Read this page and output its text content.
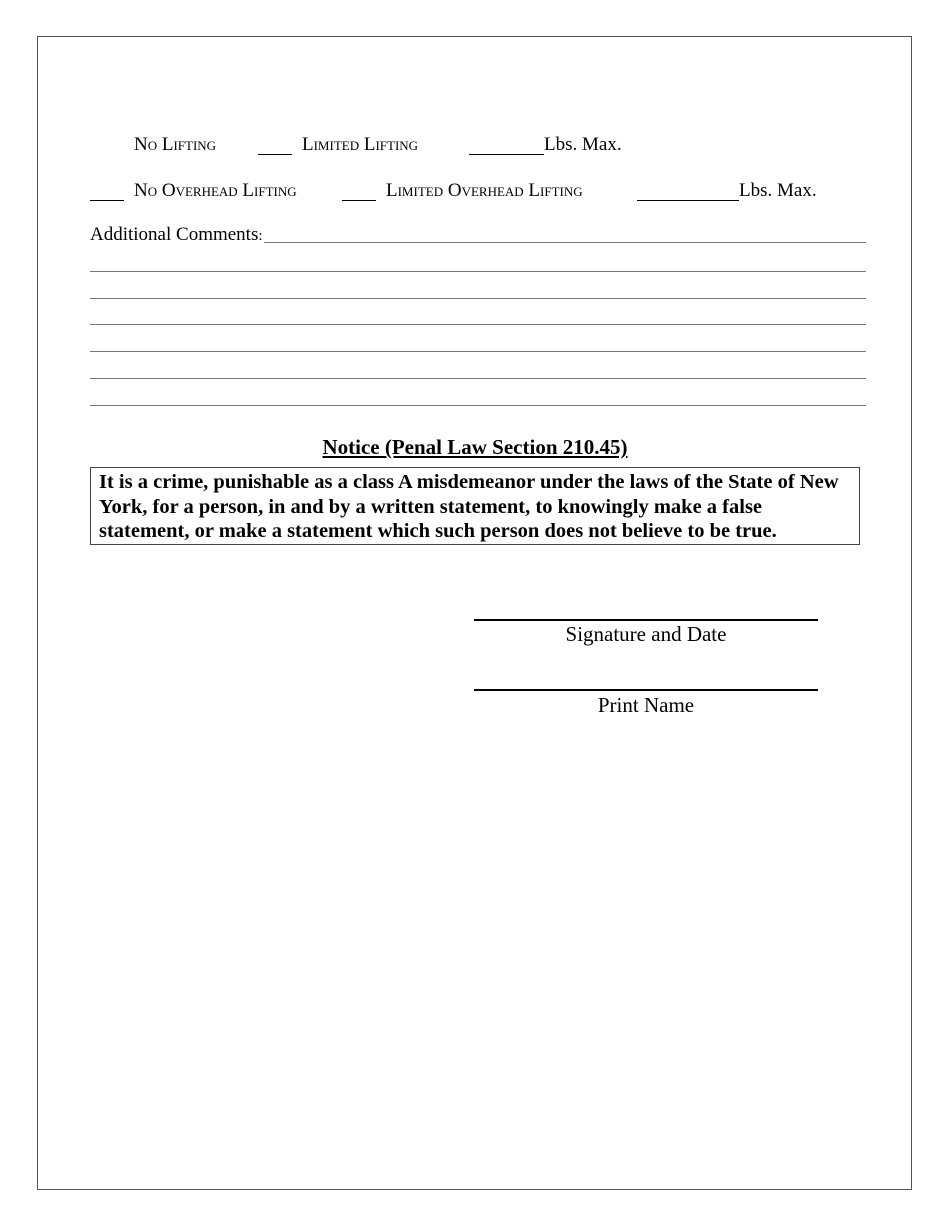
No Lifting	Limited Lifting	Lbs. Max.
No Overhead Lifting	Limited Overhead Lifting	Lbs. Max.
Additional Comments:
Notice (Penal Law Section 210.45)
It is a crime, punishable as a class A misdemeanor under the laws of the State of New York, for a person, in and by a written statement, to knowingly make a false statement, or make a statement which such person does not believe to be true.
Signature and Date
Print Name
